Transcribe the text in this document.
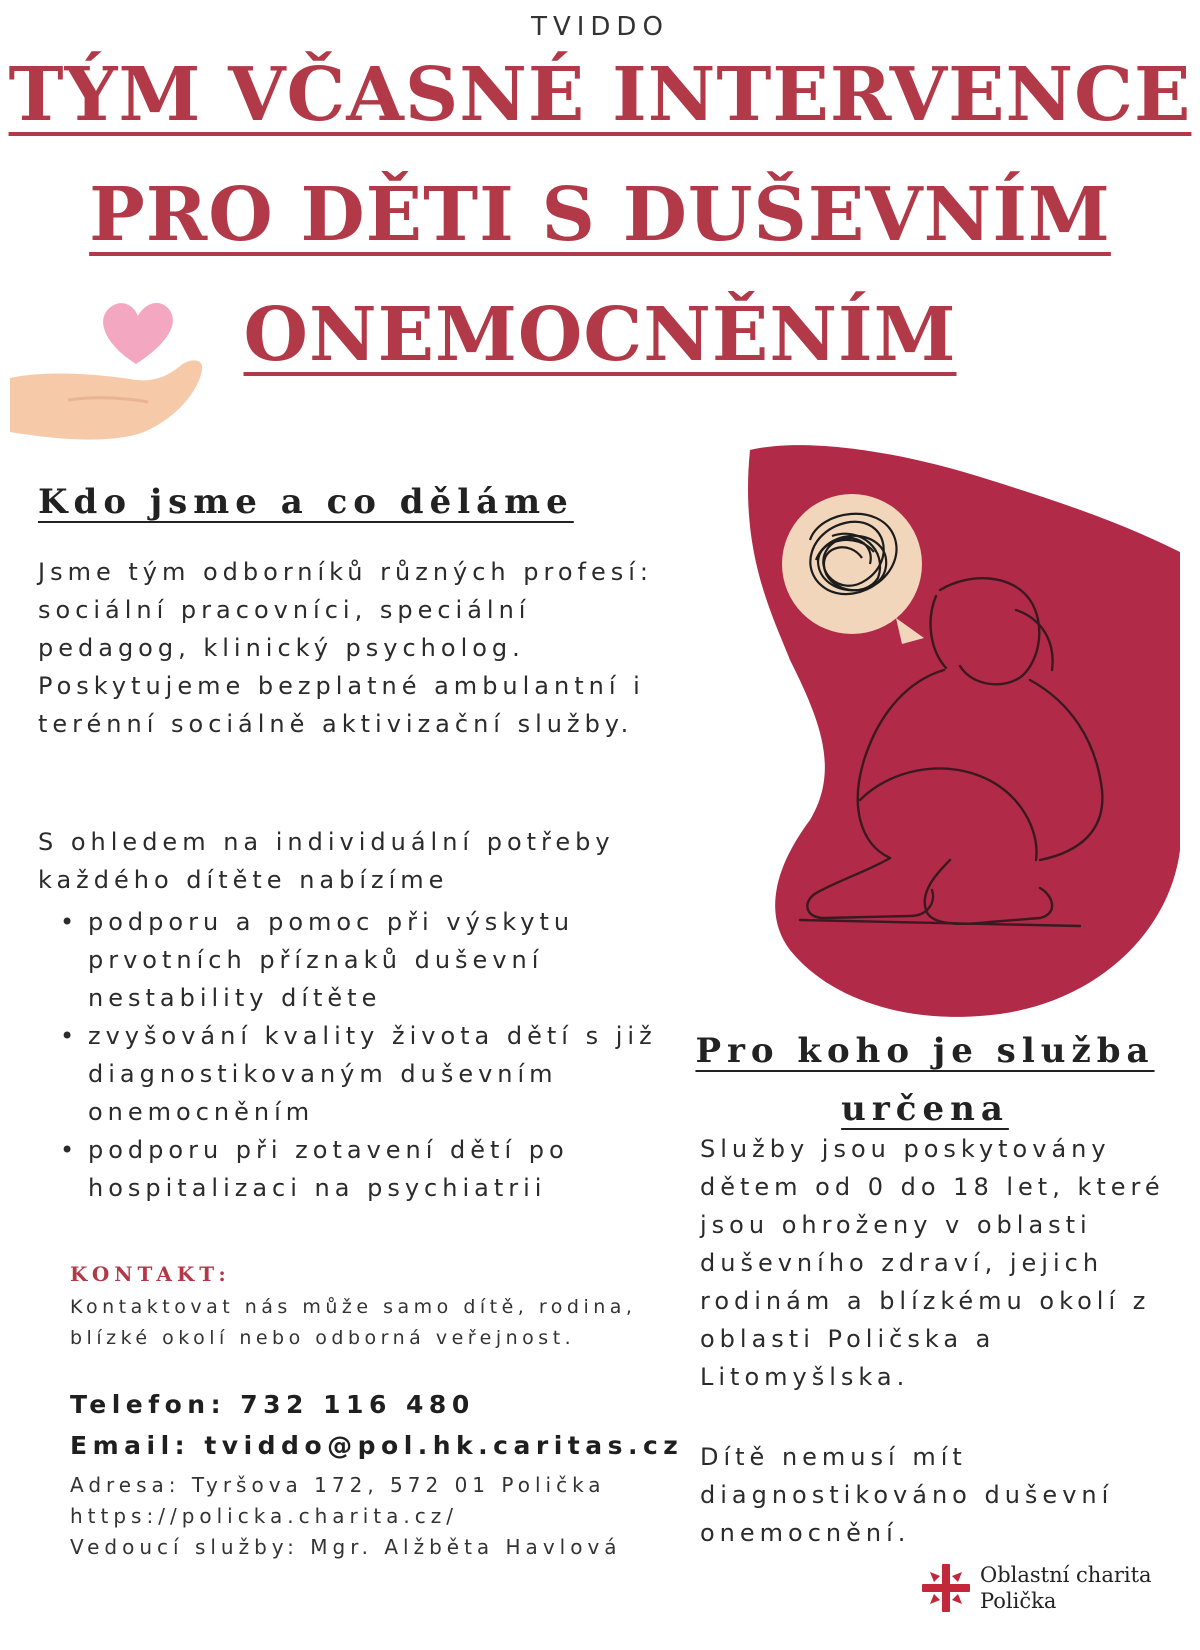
TVIDDO
TÝM VČASNÉ INTERVENCE
PRO DĚTI S DUŠEVNÍM
ONEMOCNĚNÍM
Kdo jsme a co děláme
Jsme tým odborníků různých profesí: sociální pracovníci, speciální pedagog, klinický psycholog. Poskytujeme bezplatné ambulantní i terénní sociálně aktivizační služby.
S ohledem na individuální potřeby každého dítěte nabízíme
• podporu a pomoc při výskytu prvotních příznaků duševní nestability dítěte
• zvyšování kvality života dětí s již diagnostikovaným duševním onemocněním
• podporu při zotavení dětí po hospitalizaci na psychiatrii
KONTAKT:
Kontaktovat nás může samo dítě, rodina, blízké okolí nebo odborná veřejnost.
Telefon: 732 116 480
Email: tviddo@pol.hk.caritas.cz
Adresa: Tyršova 172, 572 01 Polička
https://policka.charita.cz/
Vedoucí služby: Mgr. Alžběta Havlová
Pro koho je služba určena
Služby jsou poskytovány dětem od 0 do 18 let, které jsou ohroženy v oblasti duševního zdraví, jejich rodinám a blízkému okolí z oblasti Poličska a Litomyšlska.
Dítě nemusí mít diagnostikováno duševní onemocnění.
Oblastní charita
Polička
